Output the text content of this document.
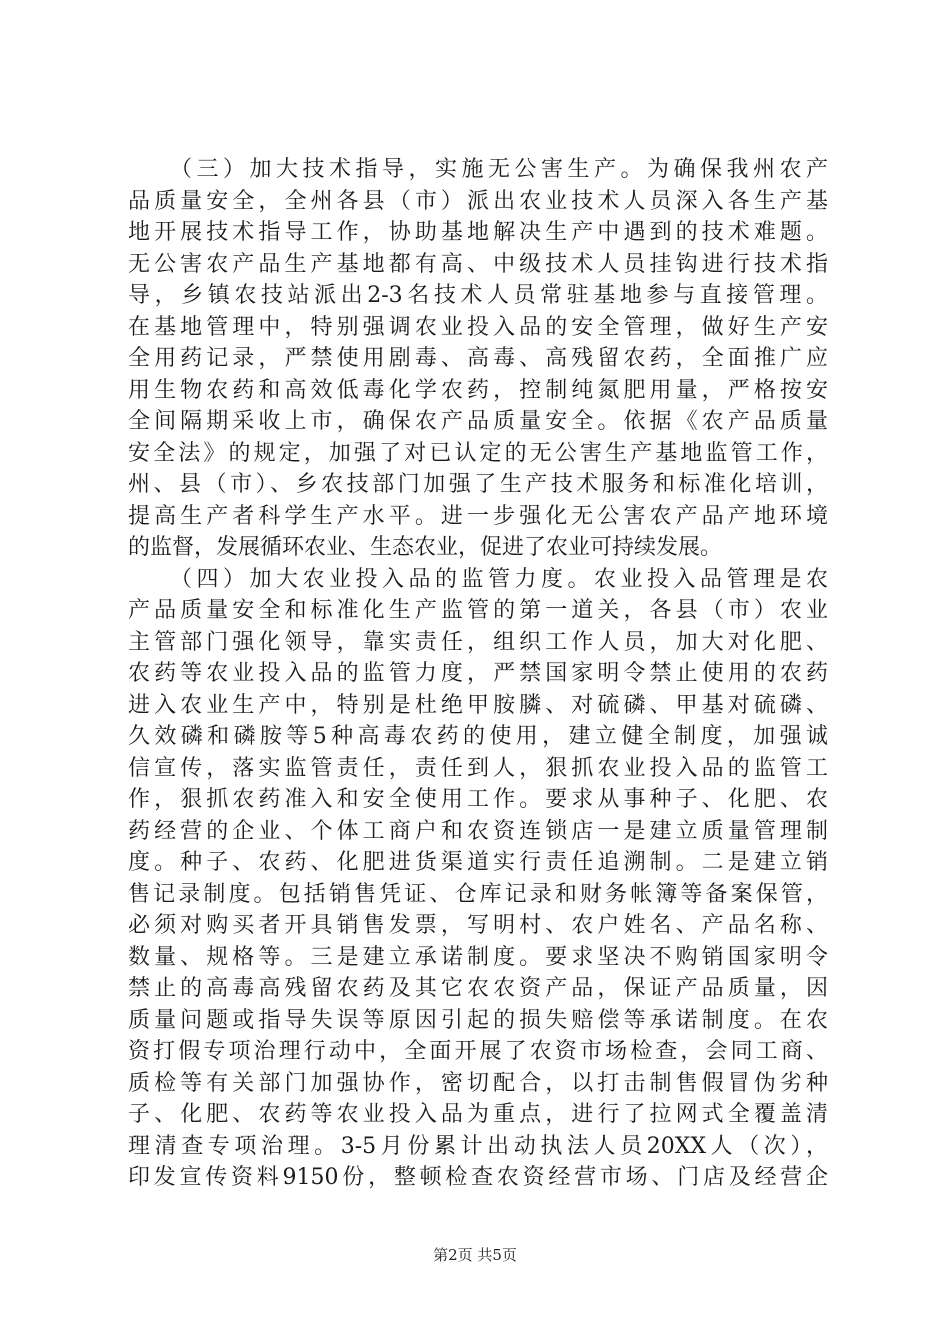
　　（三）加大技术指导，实施无公害生产。为确保我州农产
品质量安全，全州各县（市）派出农业技术人员深入各生产基
地开展技术指导工作，协助基地解决生产中遇到的技术难题。
无公害农产品生产基地都有高、中级技术人员挂钩进行技术指
导，乡镇农技站派出2-3名技术人员常驻基地参与直接管理。
在基地管理中，特别强调农业投入品的安全管理，做好生产安
全用药记录，严禁使用剧毒、高毒、高残留农药，全面推广应
用生物农药和高效低毒化学农药，控制纯氮肥用量，严格按安
全间隔期采收上市，确保农产品质量安全。依据《农产品质量
安全法》的规定，加强了对已认定的无公害生产基地监管工作，
州、县（市）、乡农技部门加强了生产技术服务和标准化培训，
提高生产者科学生产水平。进一步强化无公害农产品产地环境
的监督，发展循环农业、生态农业，促进了农业可持续发展。
　　（四）加大农业投入品的监管力度。农业投入品管理是农
产品质量安全和标准化生产监管的第一道关，各县（市）农业
主管部门强化领导，靠实责任，组织工作人员，加大对化肥、
农药等农业投入品的监管力度，严禁国家明令禁止使用的农药
进入农业生产中，特别是杜绝甲胺膦、对硫磷、甲基对硫磷、
久效磷和磷胺等5种高毒农药的使用，建立健全制度，加强诚
信宣传，落实监管责任，责任到人，狠抓农业投入品的监管工
作，狠抓农药准入和安全使用工作。要求从事种子、化肥、农
药经营的企业、个体工商户和农资连锁店一是建立质量管理制
度。种子、农药、化肥进货渠道实行责任追溯制。二是建立销
售记录制度。包括销售凭证、仓库记录和财务帐簿等备案保管，
必须对购买者开具销售发票，写明村、农户姓名、产品名称、
数量、规格等。三是建立承诺制度。要求坚决不购销国家明令
禁止的高毒高残留农药及其它农农资产品，保证产品质量，因
质量问题或指导失误等原因引起的损失赔偿等承诺制度。在农
资打假专项治理行动中，全面开展了农资市场检查，会同工商、
质检等有关部门加强协作，密切配合，以打击制售假冒伪劣种
子、化肥、农药等农业投入品为重点，进行了拉网式全覆盖清
理清查专项治理。3-5月份累计出动执法人员20XX人（次），
印发宣传资料9150份，整顿检查农资经营市场、门店及经营企
第2页 共5页
